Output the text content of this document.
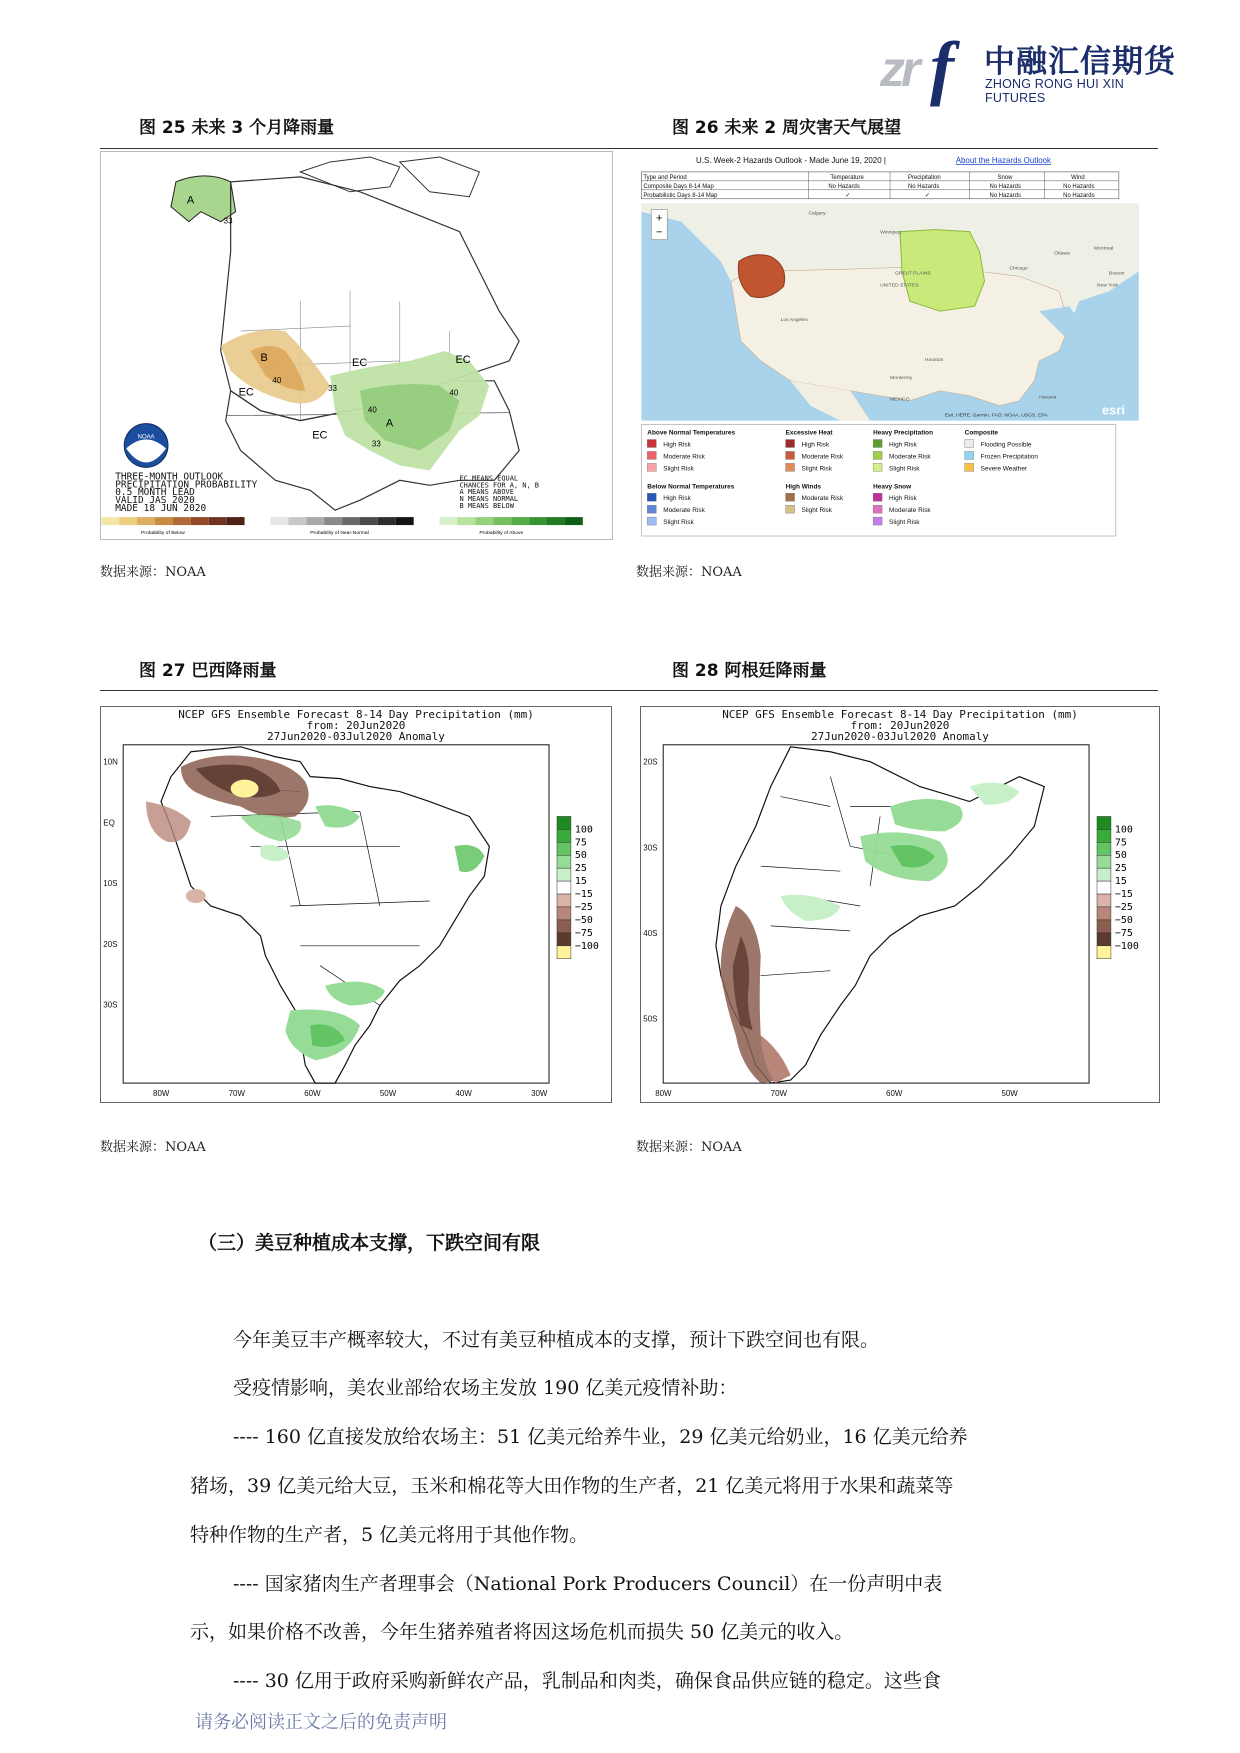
zr f 中融汇信期货
ZHONG RONG HUI XIN FUTURES
图 25 未来 3 个月降雨量	图 26 未来 2 周灾害天气展望
A
33
B
40
EC
EC
EC
EC
33
40
40
A
33
NOAA
THREE-MONTH OUTLOOK
PRECIPITATION PROBABILITY
0.5 MONTH LEAD
VALID JAS 2020
MADE 18 JUN 2020
EC MEANS EQUAL
CHANCES FOR A, N, B
A MEANS ABOVE
N MEANS NORMAL
B MEANS BELOW
Probability of Below	Probability of Near-Normal	Probability of Above
U.S. Week-2 Hazards Outlook - Made June 19, 2020 |	About the Hazards Outlook
Type and Period	Temperature	Precipitation	Snow	Wind
Composite Days 8-14 Map	No Hazards	No Hazards	No Hazards	No Hazards
Probabilistic Days 8-14 Map	✓	✓	No Hazards	No Hazards
+
−
Calgary
Winnipeg
GREAT PLAINS
UNITED STATES
Los Angeles
MEXICO
Ottawa
Montreal
Boston
New York
Chicago
Houston
Monterrey
Havana
Esri, HERE, Garmin, FAO, NOAA, USGS, EPA	esri
Above Normal Temperatures
High Risk
Moderate Risk
Slight Risk
Excessive Heat
High Risk
Moderate Risk
Slight Risk
Heavy Precipitation
High Risk
Moderate Risk
Slight Risk
Composite
Flooding Possible
Frozen Precipitation
Severe Weather
Below Normal Temperatures
High Risk
Moderate Risk
Slight Risk
High Winds
Moderate Risk
Slight Risk
Heavy Snow
High Risk
Moderate Risk
Slight Risk
数据来源：NOAA	数据来源：NOAA
图 27 巴西降雨量	图 28 阿根廷降雨量
NCEP GFS Ensemble Forecast 8-14 Day Precipitation (mm)
from: 20Jun2020
27Jun2020-03Jul2020 Anomaly
10N
EQ
10S
20S
30S
80W	70W	60W	50W	40W	30W
100
75
50
25
15
−15
−25
−50
−75
−100
NCEP GFS Ensemble Forecast 8-14 Day Precipitation (mm)
from: 20Jun2020
27Jun2020-03Jul2020 Anomaly
20S
30S
40S
50S
80W	70W	60W	50W
100
75
50
25
15
−15
−25
−50
−75
−100
数据来源：NOAA	数据来源：NOAA
（三）美豆种植成本支撑，下跌空间有限
今年美豆丰产概率较大，不过有美豆种植成本的支撑，预计下跌空间也有限。
受疫情影响，美农业部给农场主发放 190 亿美元疫情补助：
---- 160 亿直接发放给农场主：51 亿美元给养牛业，29 亿美元给奶业，16 亿美元给养
猪场，39 亿美元给大豆，玉米和棉花等大田作物的生产者，21 亿美元将用于水果和蔬菜等
特种作物的生产者，5 亿美元将用于其他作物。
---- 国家猪肉生产者理事会（National Pork Producers Council）在一份声明中表
示，如果价格不改善，今年生猪养殖者将因这场危机而损失 50 亿美元的收入。
---- 30 亿用于政府采购新鲜农产品，乳制品和肉类，确保食品供应链的稳定。这些食
请务必阅读正文之后的免责声明
